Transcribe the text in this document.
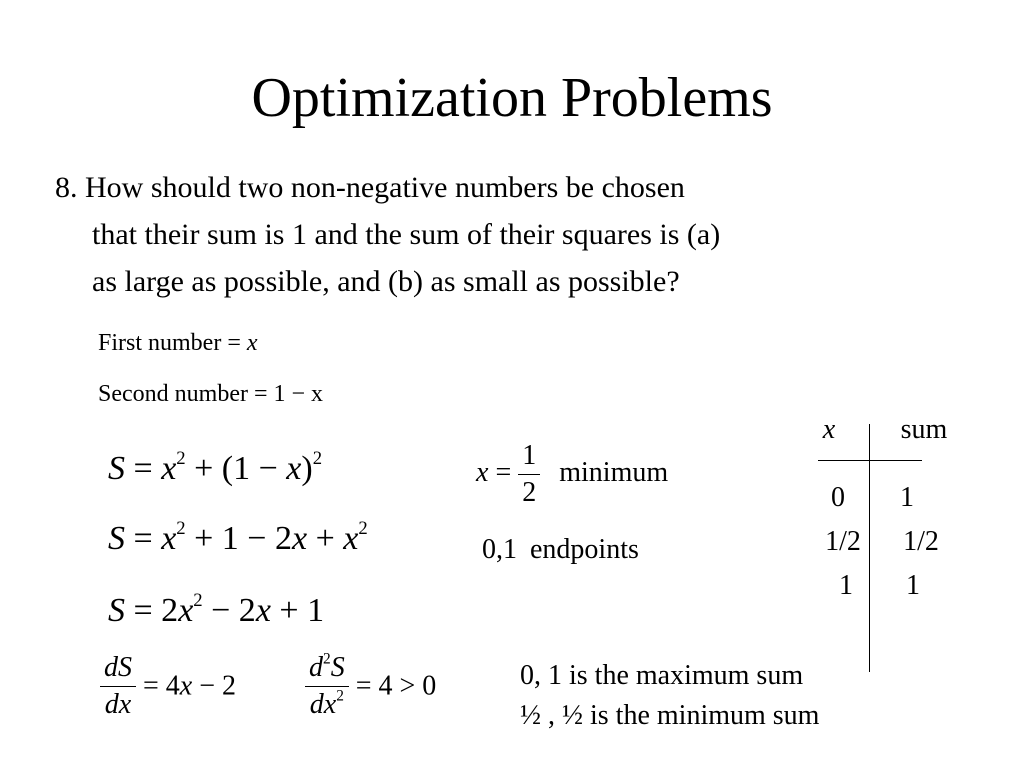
Optimization Problems
8. How should two non-negative numbers be chosen
that their sum is 1 and the sum of their squares is (a)
as large as possible, and (b) as small as possible?
First number = x
Second number = 1 − x
$S = x^2 + (1 - x)^2$
$S = x^2 + 1 - 2x + x^2$
$S = 2x^2 - 2x + 1$
$\frac{dS}{dx} = 4x - 2 \frac{d^2S}{dx^2} = 4 > 0$
$x = \frac{1}{2}$ minimum
0,1 endpoints
x	sum
0	1
1/2	1/2
1	1
0, 1 is the maximum sum
½ , ½ is the minimum sum
